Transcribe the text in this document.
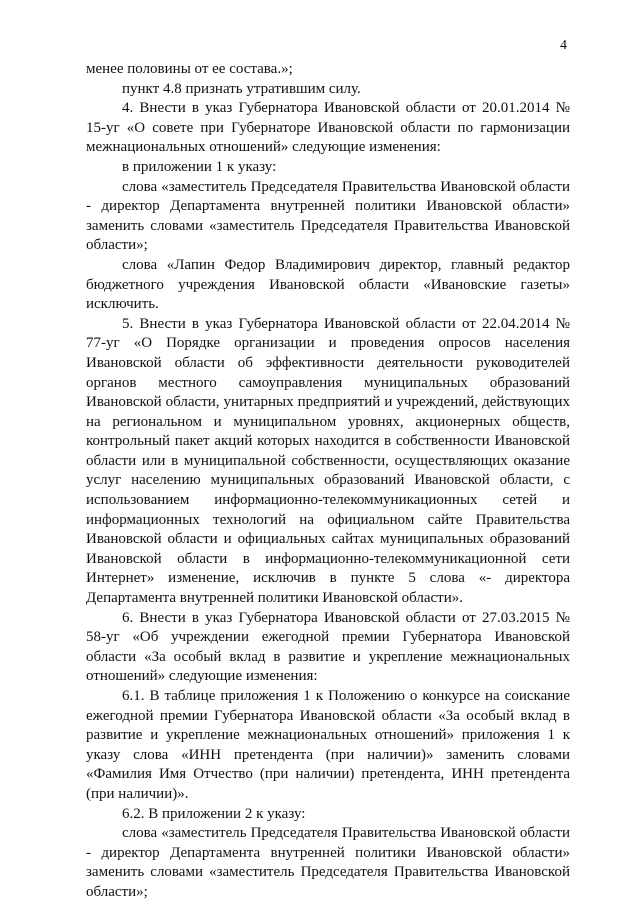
4

менее половины от ее состава.»;

пункт 4.8 признать утратившим силу.

4. Внести в указ Губернатора Ивановской области от 20.01.2014 № 15-уг «О совете при Губернаторе Ивановской области по гармонизации межнациональных отношений» следующие изменения:

в приложении 1 к указу:

слова «заместитель Председателя Правительства Ивановской области - директор Департамента внутренней политики Ивановской области» заменить словами «заместитель Председателя Правительства Ивановской области»;

слова «Лапин Федор Владимирович директор, главный редактор бюджетного учреждения Ивановской области «Ивановские газеты» исключить.

5. Внести в указ Губернатора Ивановской области от 22.04.2014 № 77-уг «О Порядке организации и проведения опросов населения Ивановской области об эффективности деятельности руководителей органов местного самоуправления муниципальных образований Ивановской области, унитарных предприятий и учреждений, действующих на региональном и муниципальном уровнях, акционерных обществ, контрольный пакет акций которых находится в собственности Ивановской области или в муниципальной собственности, осуществляющих оказание услуг населению муниципальных образований Ивановской области, с использованием информационно-телекоммуникационных сетей и информационных технологий на официальном сайте Правительства Ивановской области и официальных сайтах муниципальных образований Ивановской области в информационно-телекоммуникационной сети Интернет» изменение, исключив в пункте 5 слова «- директора Департамента внутренней политики Ивановской области».

6. Внести в указ Губернатора Ивановской области от 27.03.2015 № 58-уг «Об учреждении ежегодной премии Губернатора Ивановской области «За особый вклад в развитие и укрепление межнациональных отношений» следующие изменения:

6.1. В таблице приложения 1 к Положению о конкурсе на соискание ежегодной премии Губернатора Ивановской области «За особый вклад в развитие и укрепление межнациональных отношений» приложения 1 к указу слова «ИНН претендента (при наличии)» заменить словами «Фамилия Имя Отчество (при наличии) претендента, ИНН претендента (при наличии)».

6.2. В приложении 2 к указу:

слова «заместитель Председателя Правительства Ивановской области - директор Департамента внутренней политики Ивановской области» заменить словами «заместитель Председателя Правительства Ивановской области»;
